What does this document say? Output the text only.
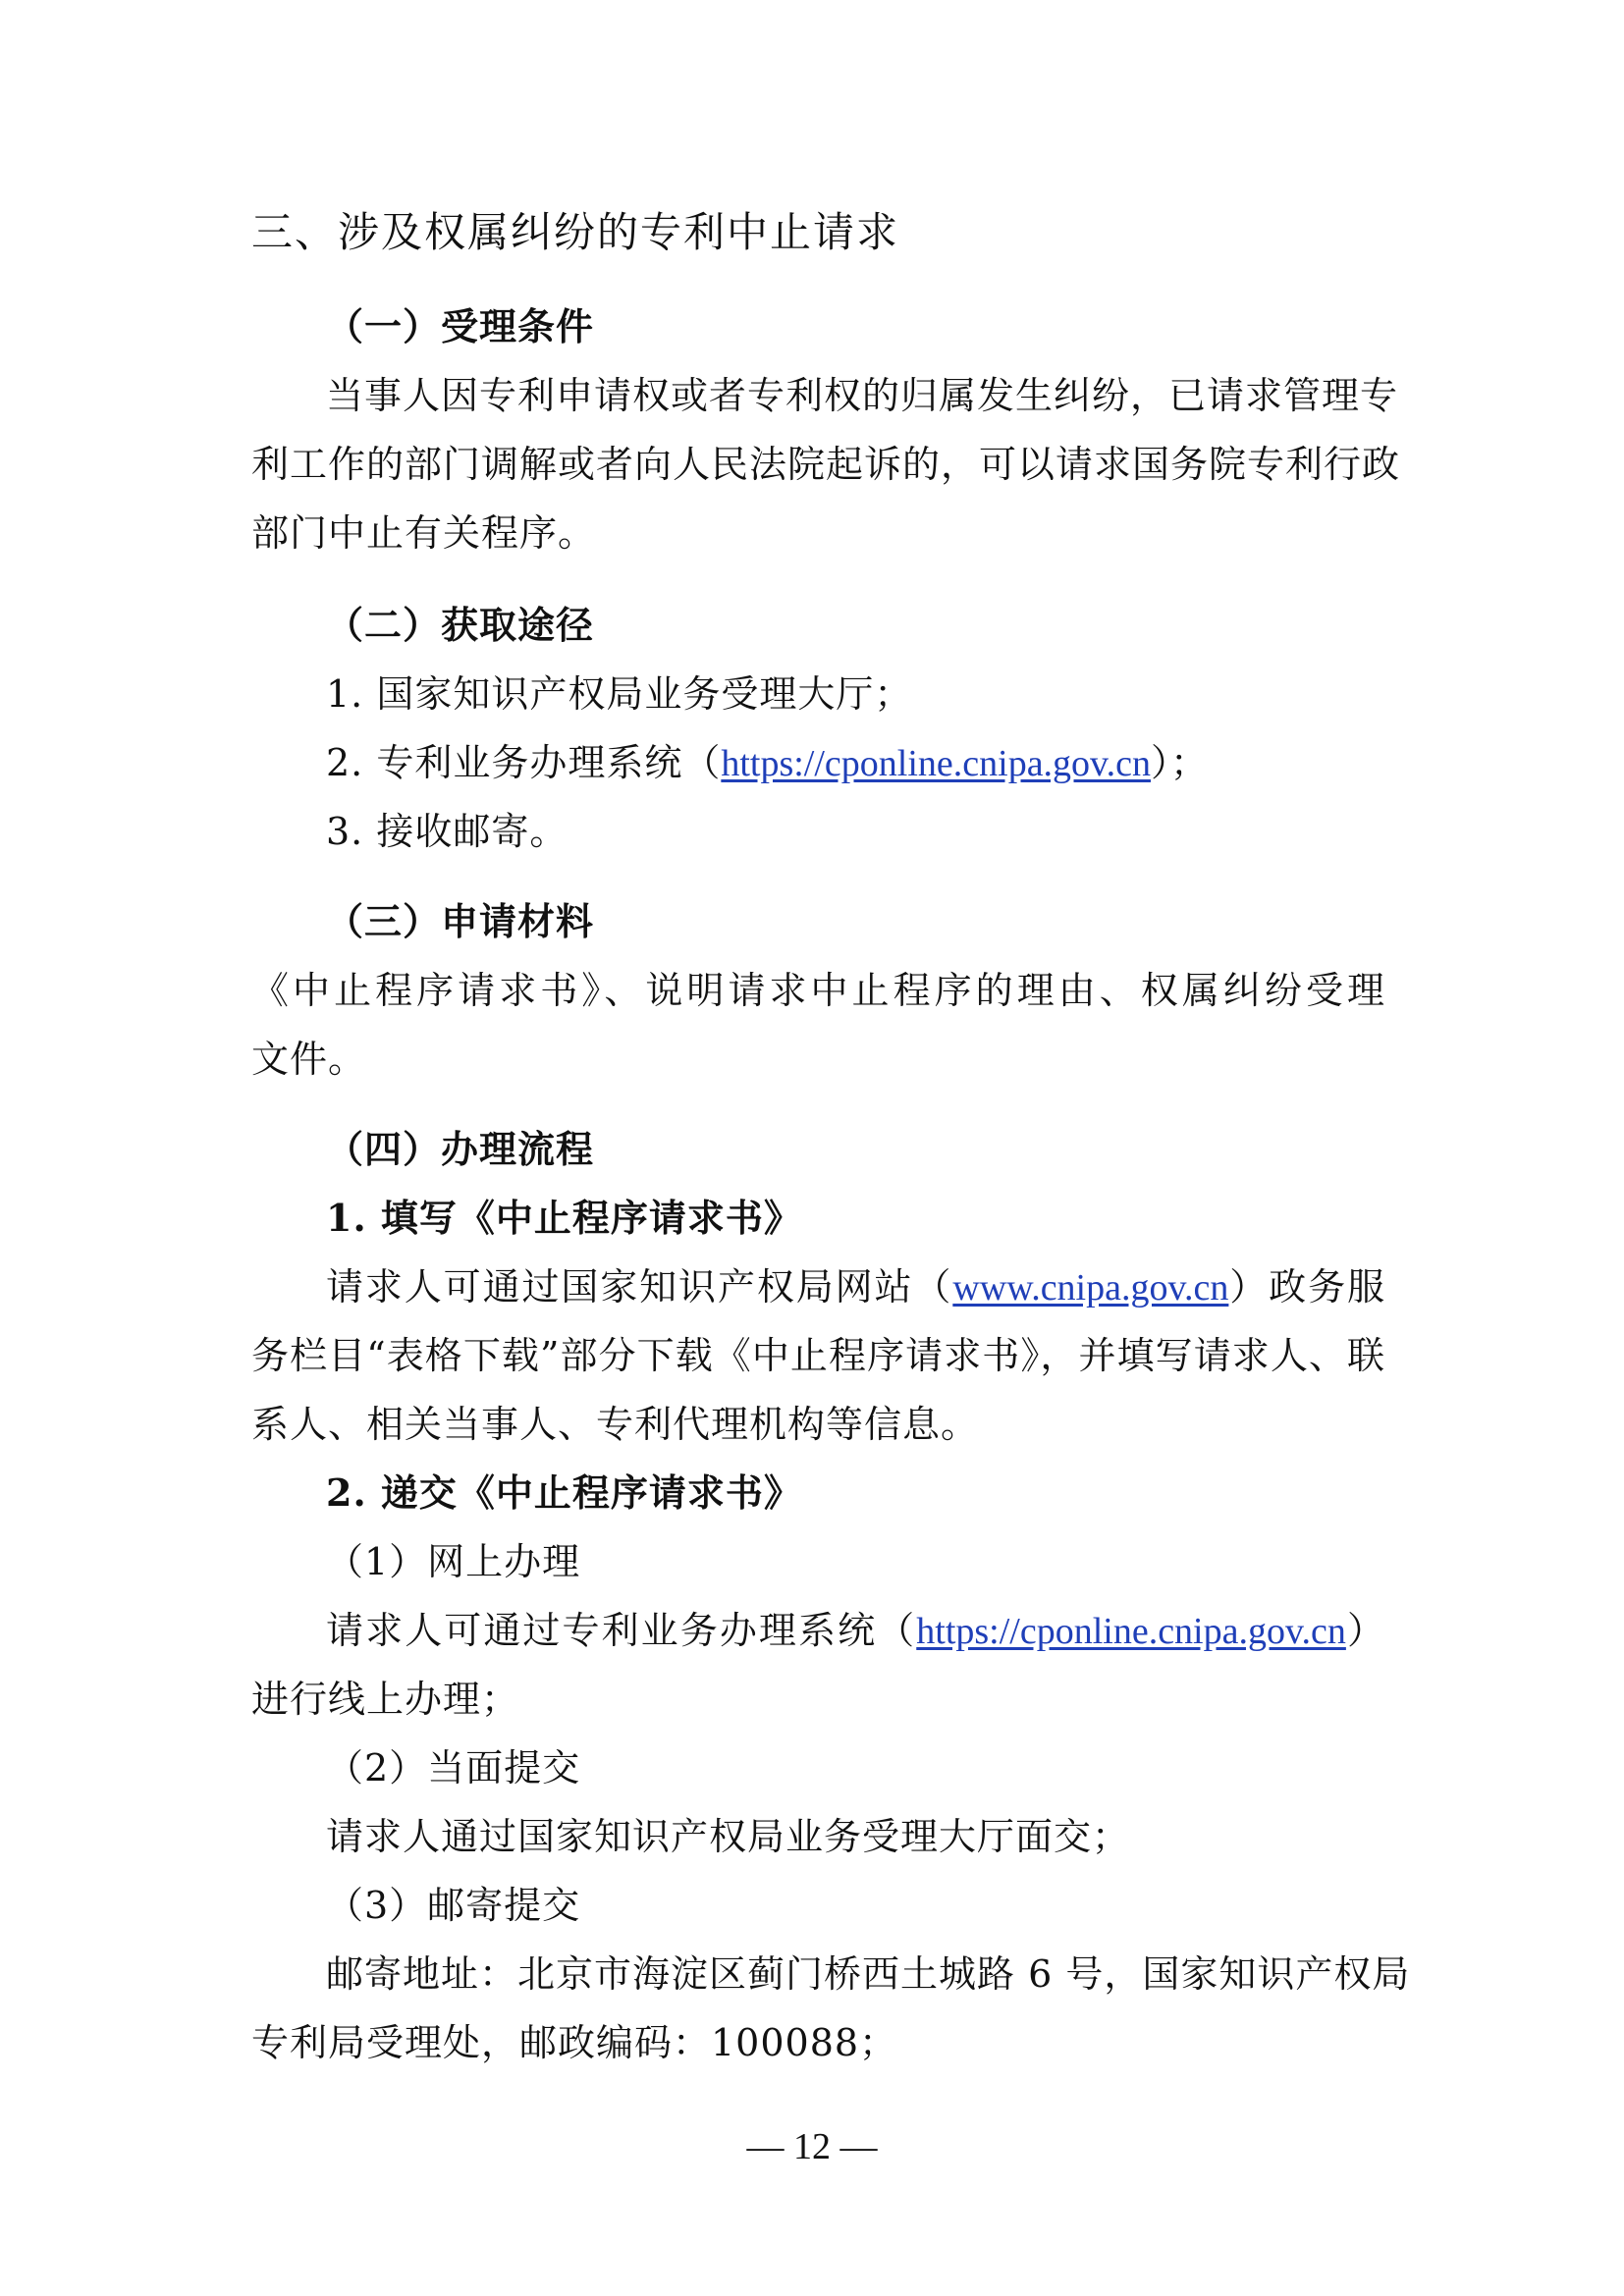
三、涉及权属纠纷的专利中止请求
（一）受理条件
当事人因专利申请权或者专利权的归属发生纠纷，已请求管理专
利工作的部门调解或者向人民法院起诉的，可以请求国务院专利行政
部门中止有关程序。
（二）获取途径
1. 国家知识产权局业务受理大厅；
2. 专利业务办理系统（https://cponline.cnipa.gov.cn）；
3. 接收邮寄。
（三）申请材料
《中止程序请求书》、说明请求中止程序的理由、权属纠纷受理
文件。
（四）办理流程
1. 填写《中止程序请求书》
请求人可通过国家知识产权局网站（www.cnipa.gov.cn）政务服
务栏目“表格下载”部分下载《中止程序请求书》，并填写请求人、联
系人、相关当事人、专利代理机构等信息。
2. 递交《中止程序请求书》
（1）网上办理
请求人可通过专利业务办理系统（https://cponline.cnipa.gov.cn）
进行线上办理；
（2）当面提交
请求人通过国家知识产权局业务受理大厅面交；
（3）邮寄提交
邮寄地址：北京市海淀区蓟门桥西土城路 6 号，国家知识产权局
专利局受理处，邮政编码：100088；
— 12 —
